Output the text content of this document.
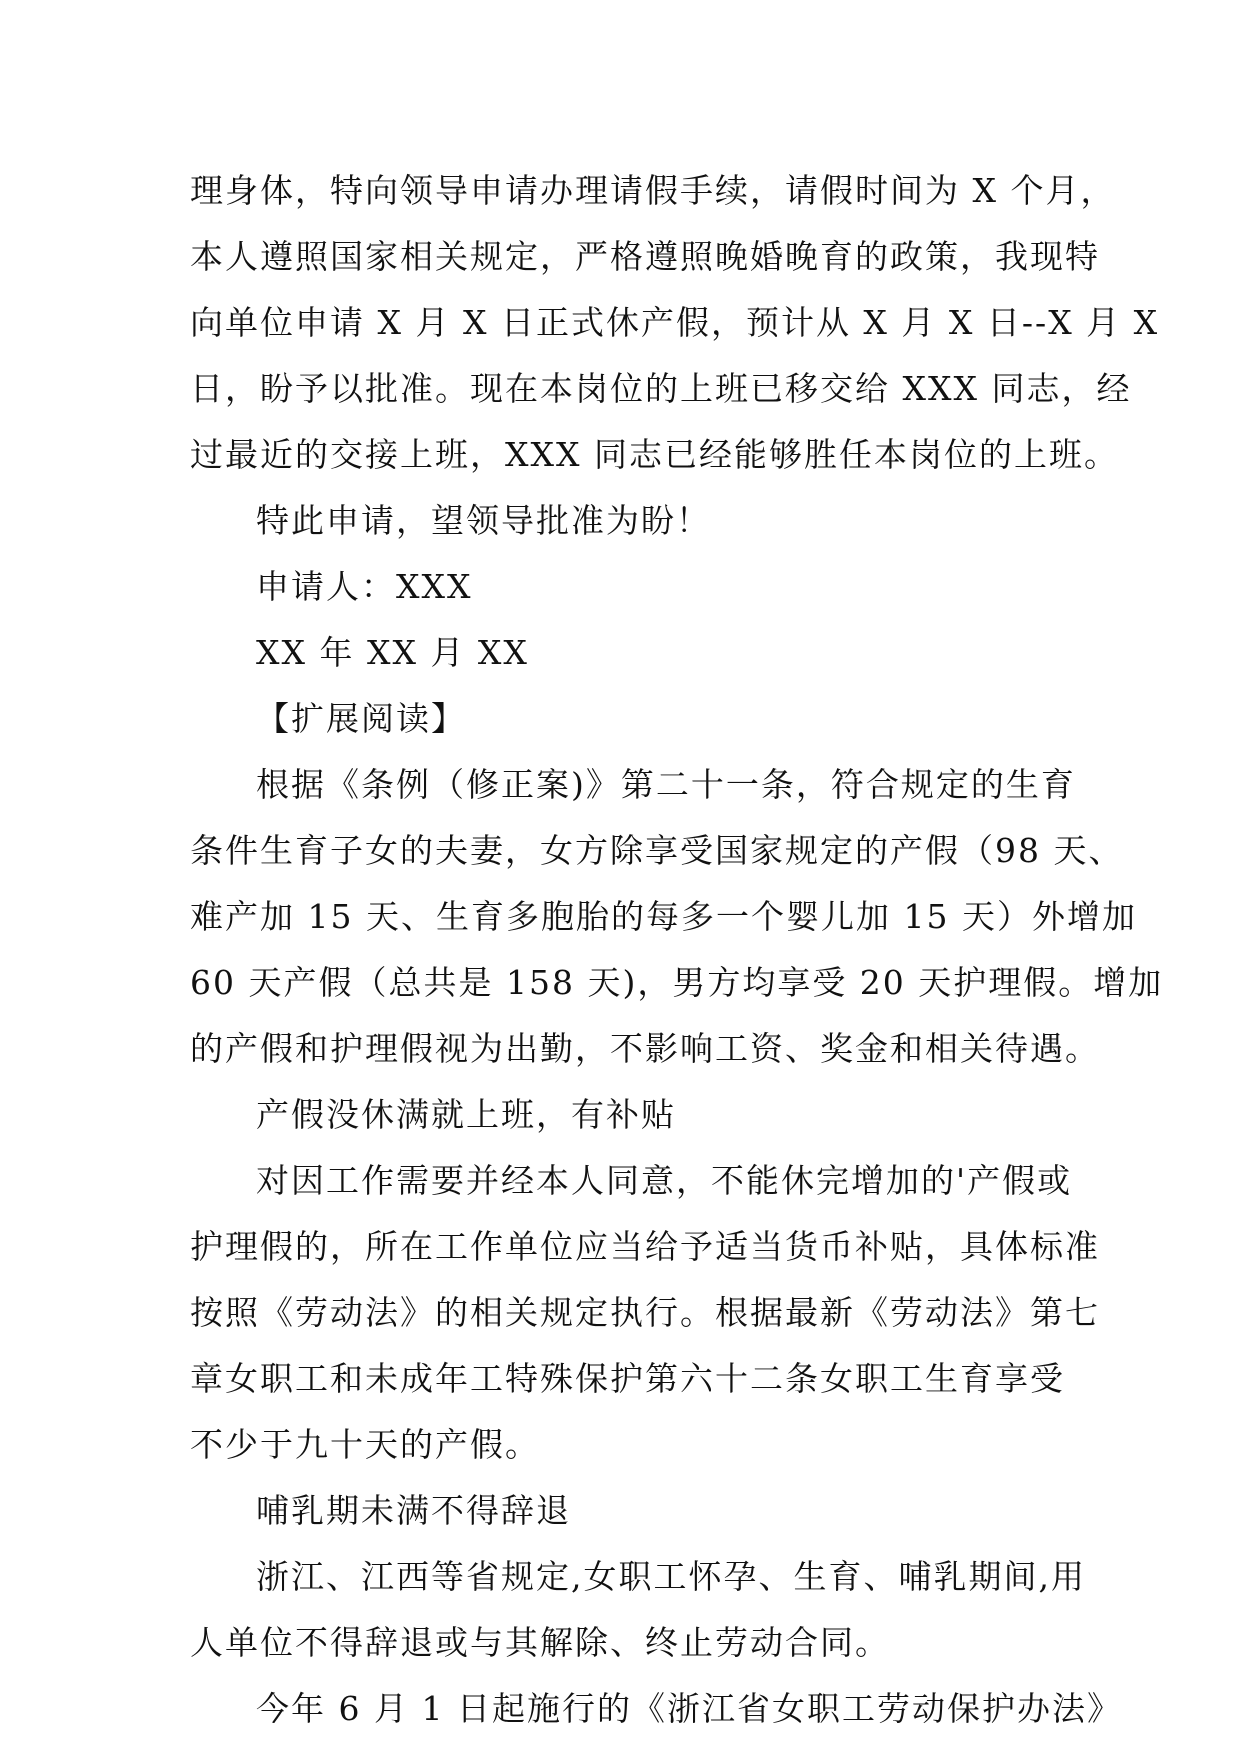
理身体，特向领导申请办理请假手续，请假时间为 X 个月，
本人遵照国家相关规定，严格遵照晚婚晚育的政策，我现特
向单位申请 X 月 X 日正式休产假，预计从 X 月 X 日--X 月 X
日，盼予以批准。现在本岗位的上班已移交给 XXX 同志，经
过最近的交接上班，XXX 同志已经能够胜任本岗位的上班。
特此申请，望领导批准为盼！
申请人：XXX
XX 年 XX 月 XX
【扩展阅读】
根据《条例（修正案)》第二十一条，符合规定的生育
条件生育子女的夫妻，女方除享受国家规定的产假（98 天、
难产加 15 天、生育多胞胎的每多一个婴儿加 15 天）外增加
60 天产假（总共是 158 天)，男方均享受 20 天护理假。增加
的产假和护理假视为出勤，不影响工资、奖金和相关待遇。
产假没休满就上班，有补贴
对因工作需要并经本人同意，不能休完增加的'产假或
护理假的，所在工作单位应当给予适当货币补贴，具体标准
按照《劳动法》的相关规定执行。根据最新《劳动法》第七
章女职工和未成年工特殊保护第六十二条女职工生育享受
不少于九十天的产假。
哺乳期未满不得辞退
浙江、江西等省规定,女职工怀孕、生育、哺乳期间,用
人单位不得辞退或与其解除、终止劳动合同。
今年 6 月 1 日起施行的《浙江省女职工劳动保护办法》
